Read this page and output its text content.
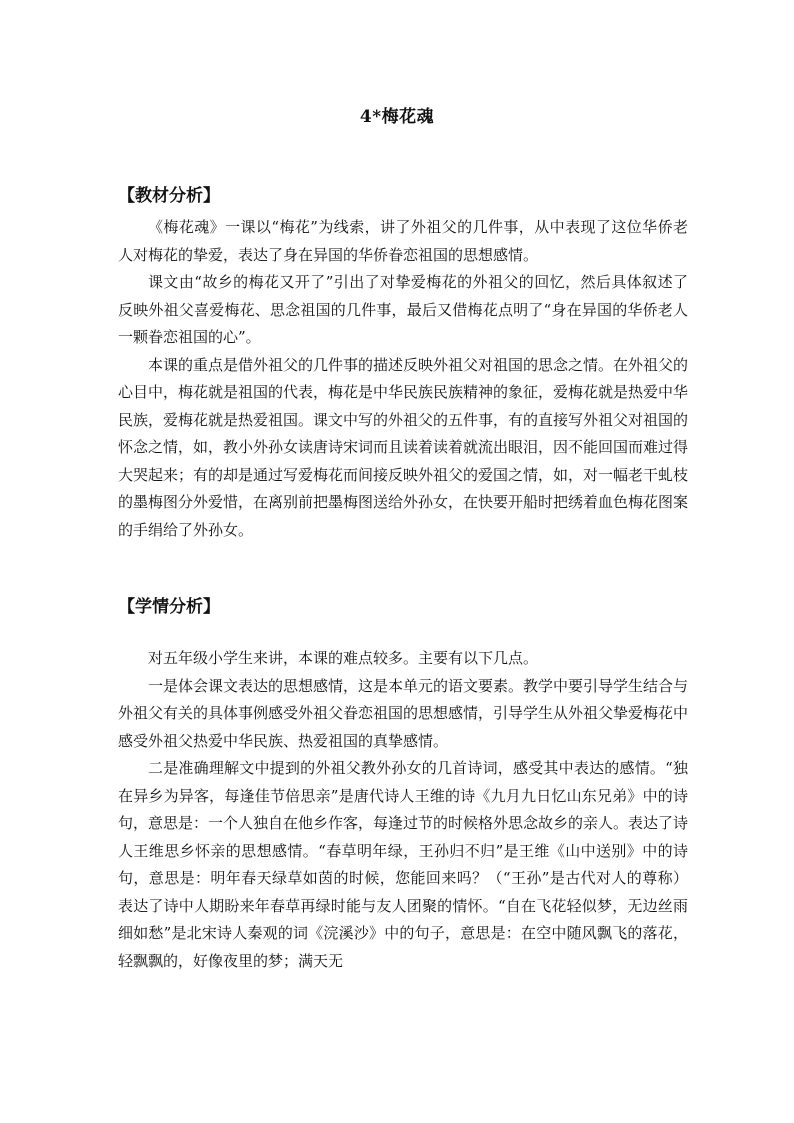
4*梅花魂
【教材分析】

《梅花魂》一课以“梅花”为线索，讲了外祖父的几件事，从中表现了这位华侨老人对梅花的挚爱，表达了身在异国的华侨眷恋祖国的思想感情。

课文由“故乡的梅花又开了”引出了对挚爱梅花的外祖父的回忆，然后具体叙述了反映外祖父喜爱梅花、思念祖国的几件事，最后又借梅花点明了“身在异国的华侨老人一颗眷恋祖国的心”。

本课的重点是借外祖父的几件事的描述反映外祖父对祖国的思念之情。在外祖父的心目中，梅花就是祖国的代表，梅花是中华民族民族精神的象征，爱梅花就是热爱中华民族，爱梅花就是热爱祖国。课文中写的外祖父的五件事，有的直接写外祖父对祖国的怀念之情，如，教小外孙女读唐诗宋词而且读着读着就流出眼泪，因不能回国而难过得大哭起来；有的却是通过写爱梅花而间接反映外祖父的爱国之情，如，对一幅老干虬枝的墨梅图分外爱惜，在离别前把墨梅图送给外孙女，在快要开船时把绣着血色梅花图案的手绢给了外孙女。

【学情分析】

对五年级小学生来讲，本课的难点较多。主要有以下几点。

一是体会课文表达的思想感情，这是本单元的语文要素。教学中要引导学生结合与外祖父有关的具体事例感受外祖父眷恋祖国的思想感情，引导学生从外祖父挚爱梅花中感受外祖父热爱中华民族、热爱祖国的真挚感情。

二是准确理解文中提到的外祖父教外孙女的几首诗词，感受其中表达的感情。“独在异乡为异客，每逢佳节倍思亲”是唐代诗人王维的诗《九月九日忆山东兄弟》中的诗句，意思是：一个人独自在他乡作客，每逢过节的时候格外思念故乡的亲人。表达了诗人王维思乡怀亲的思想感情。“春草明年绿，王孙归不归”是王维《山中送别》中的诗句，意思是：明年春天绿草如茵的时候，您能回来吗？（“王孙”是古代对人的尊称）表达了诗中人期盼来年春草再绿时能与友人团聚的情怀。“自在飞花轻似梦，无边丝雨细如愁”是北宋诗人秦观的词《浣溪沙》中的句子，意思是：在空中随风飘飞的落花，轻飘飘的，好像夜里的梦；满天无
